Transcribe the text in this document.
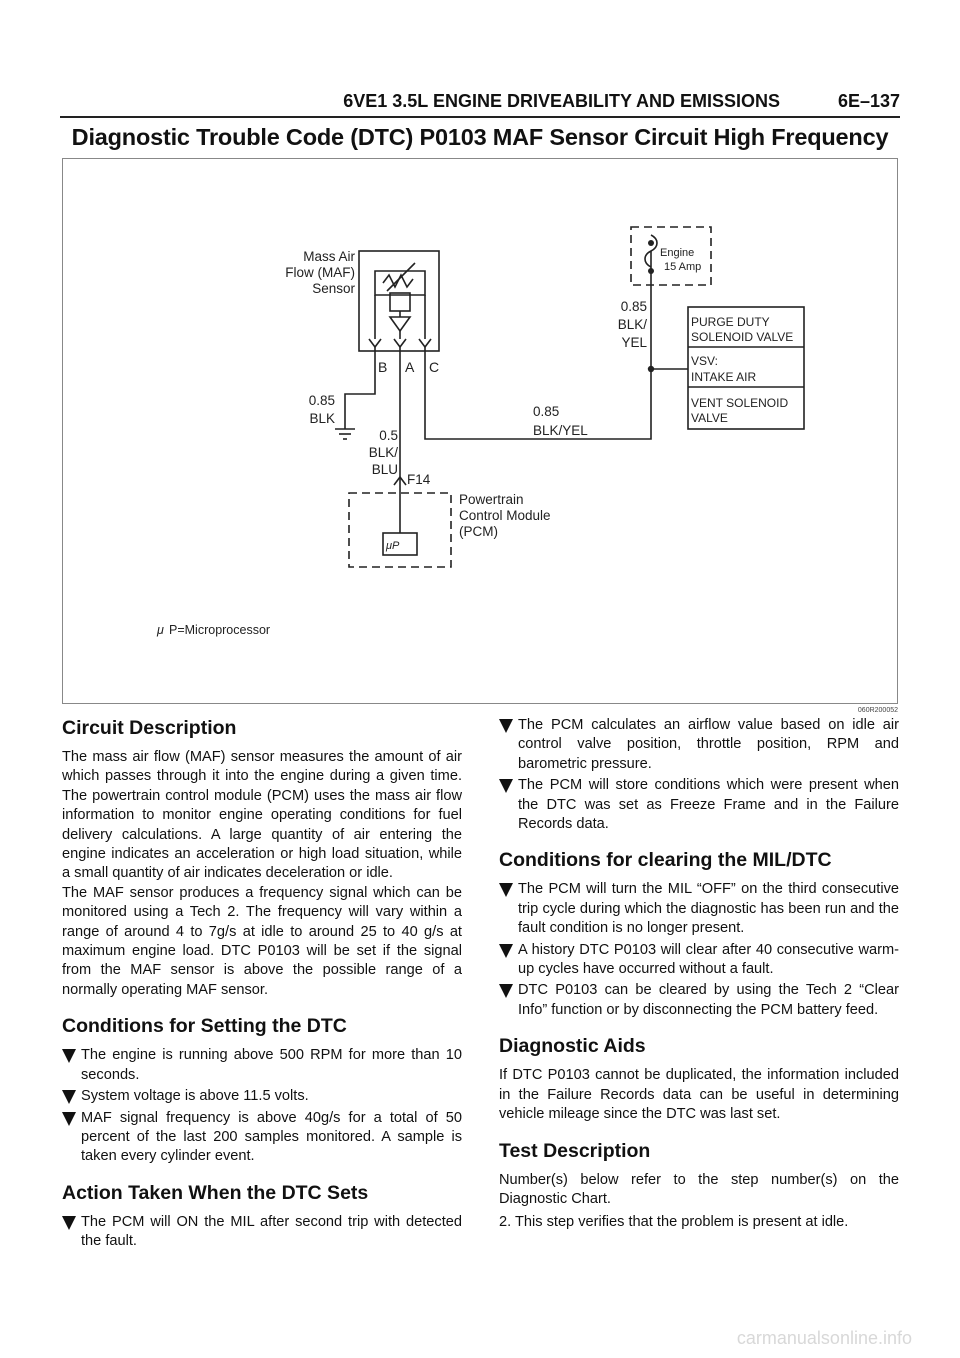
6VE1 3.5L ENGINE DRIVEABILITY AND EMISSIONS	6E–137
Diagnostic Trouble Code (DTC) P0103 MAF Sensor Circuit High Frequency
Mass Air
Flow (MAF)
Sensor
0.85
BLK
0.5
BLK/
BLU
0.85
BLK/
YEL
B A C
0.85
BLK/YEL
F14
Powertrain
Control Module
(PCM)
Engine
15 Amp
μP
PURGE DUTY
SOLENOID VALVE
VSV:
INTAKE AIR
VENT SOLENOID
VALVE
μ P=Microprocessor
060R200052
Circuit Description

The mass air flow (MAF) sensor measures the amount of air which passes through it into the engine during a given time. The powertrain control module (PCM) uses the mass air flow information to monitor engine operating conditions for fuel delivery calculations. A large quantity of air entering the engine indicates an acceleration or high load situation, while a small quantity of air indicates deceleration or idle.

The MAF sensor produces a frequency signal which can be monitored using a Tech 2. The frequency will vary within a range of around 4 to 7g/s at idle to around 25 to 40 g/s at maximum engine load. DTC P0103 will be set if the signal from the MAF sensor is above the possible range of a normally operating MAF sensor.

Conditions for Setting the DTC
The engine is running above 500 RPM for more than 10 seconds.
System voltage is above 11.5 volts.
MAF signal frequency is above 40g/s for a total of 50 percent of the last 200 samples monitored. A sample is taken every cylinder event.
Action Taken When the DTC Sets
The PCM will ON the MIL after second trip with detected the fault.
The PCM calculates an airflow value based on idle air control valve position, throttle position, RPM and barometric pressure.
The PCM will store conditions which were present when the DTC was set as Freeze Frame and in the Failure Records data.
Conditions for clearing the MIL/DTC
The PCM will turn the MIL “OFF” on the third consecutive trip cycle during which the diagnostic has been run and the fault condition is no longer present.
A history DTC P0103 will clear after 40 consecutive warm-up cycles have occurred without a fault.
DTC P0103 can be cleared by using the Tech 2 “Clear Info” function or by disconnecting the PCM battery feed.
Diagnostic Aids

If DTC P0103 cannot be duplicated, the information included in the Failure Records data can be useful in determining vehicle mileage since the DTC was last set.

Test Description

Number(s) below refer to the step number(s) on the Diagnostic Chart.

2. This step verifies that the problem is present at idle.

carmanualsonline.info
